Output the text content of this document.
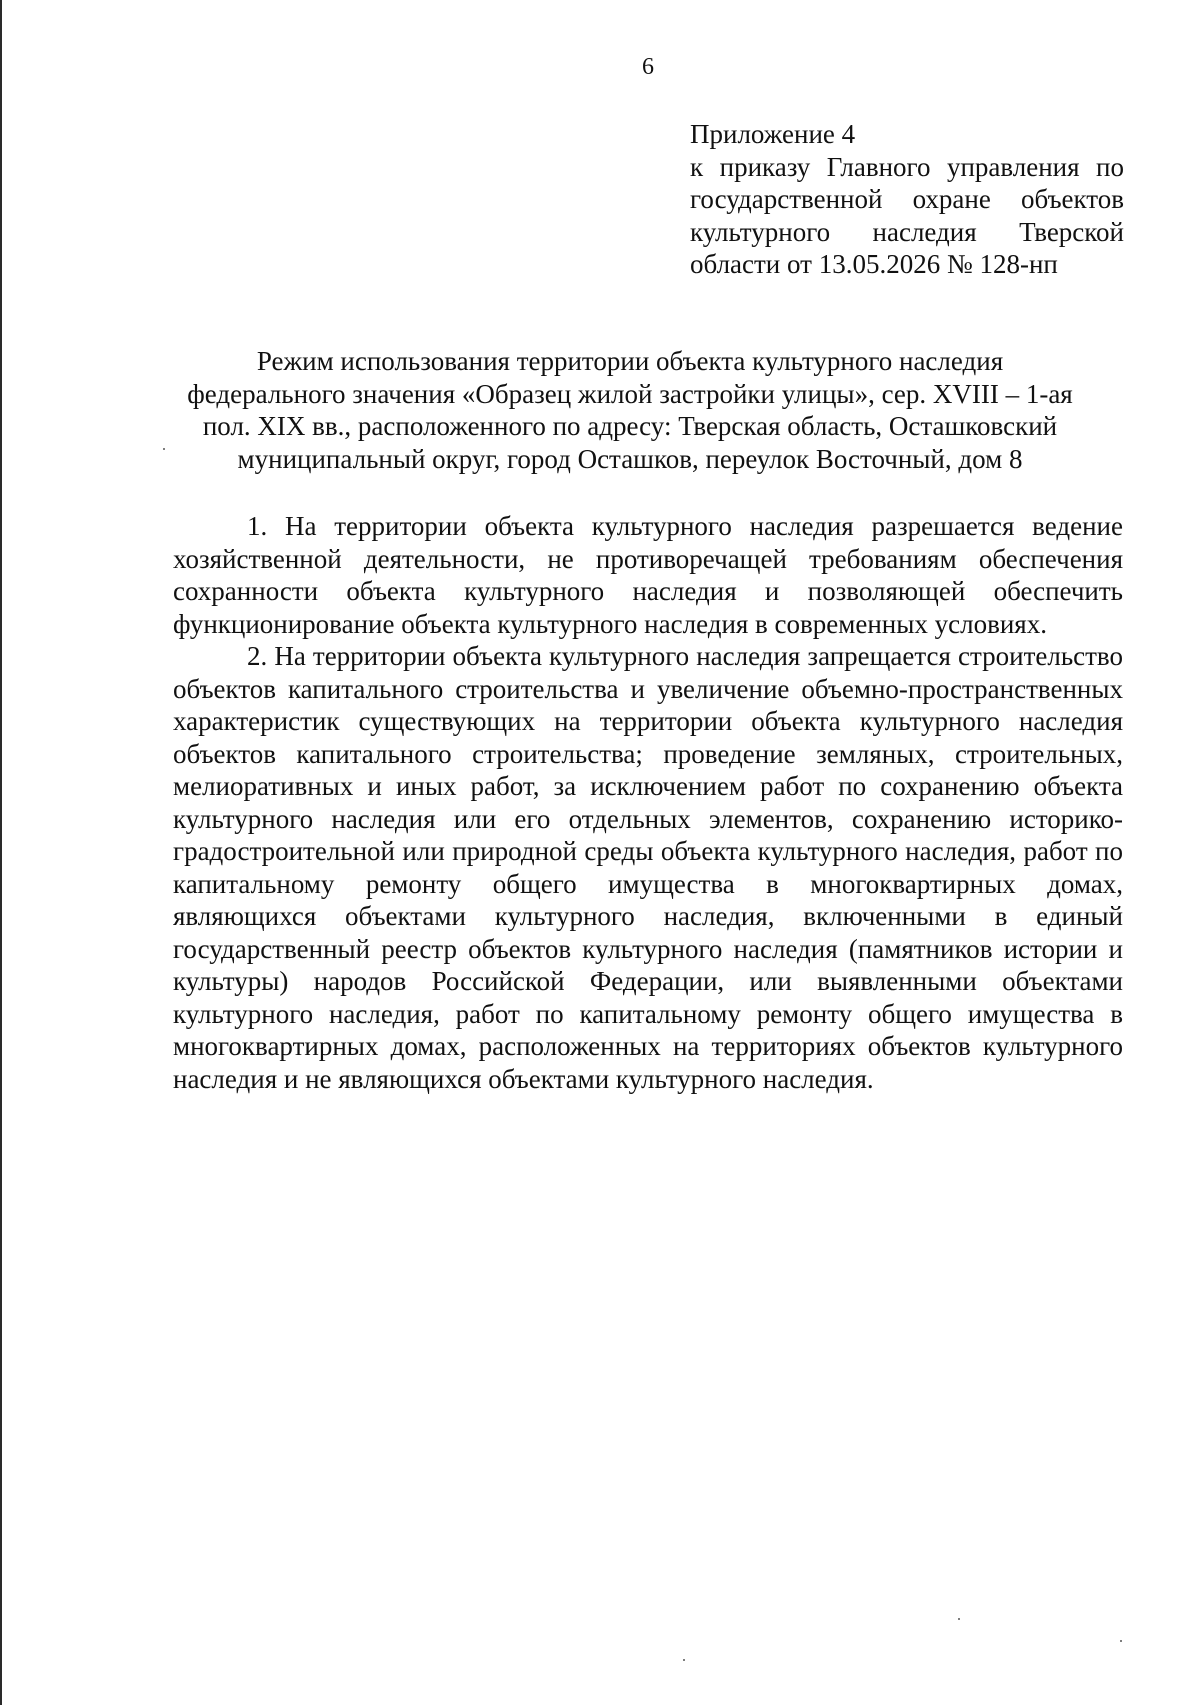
6
Приложение 4
к приказу Главного управления по государственной охране объектов культурного наследия Тверской области от 13.05.2026 № 128-нп
Режим использования территории объекта культурного наследия
федерального значения «Образец жилой застройки улицы», сер. XVIII – 1-ая
пол. XIX вв., расположенного по адресу: Тверская область, Осташковский
муниципальный округ, город Осташков, переулок Восточный, дом 8

1. На территории объекта культурного наследия разрешается ведение хозяйственной деятельности, не противоречащей требованиям обеспечения сохранности объекта культурного наследия и позволяющей обеспечить функционирование объекта культурного наследия в современных условиях.

2. На территории объекта культурного наследия запрещается строительство объектов капитального строительства и увеличение объемно-пространственных характеристик существующих на территории объекта культурного наследия объектов капитального строительства; проведение земляных, строительных, мелиоративных и иных работ, за исключением работ по сохранению объекта культурного наследия или его отдельных элементов, сохранению историко-градостроительной или природной среды объекта культурного наследия, работ по капитальному ремонту общего имущества в многоквартирных домах, являющихся объектами культурного наследия, включенными в единый государственный реестр объектов культурного наследия (памятников истории и культуры) народов Российской Федерации, или выявленными объектами культурного наследия, работ по капитальному ремонту общего имущества в многоквартирных домах, расположенных на территориях объектов культурного наследия и не являющихся объектами культурного наследия.
